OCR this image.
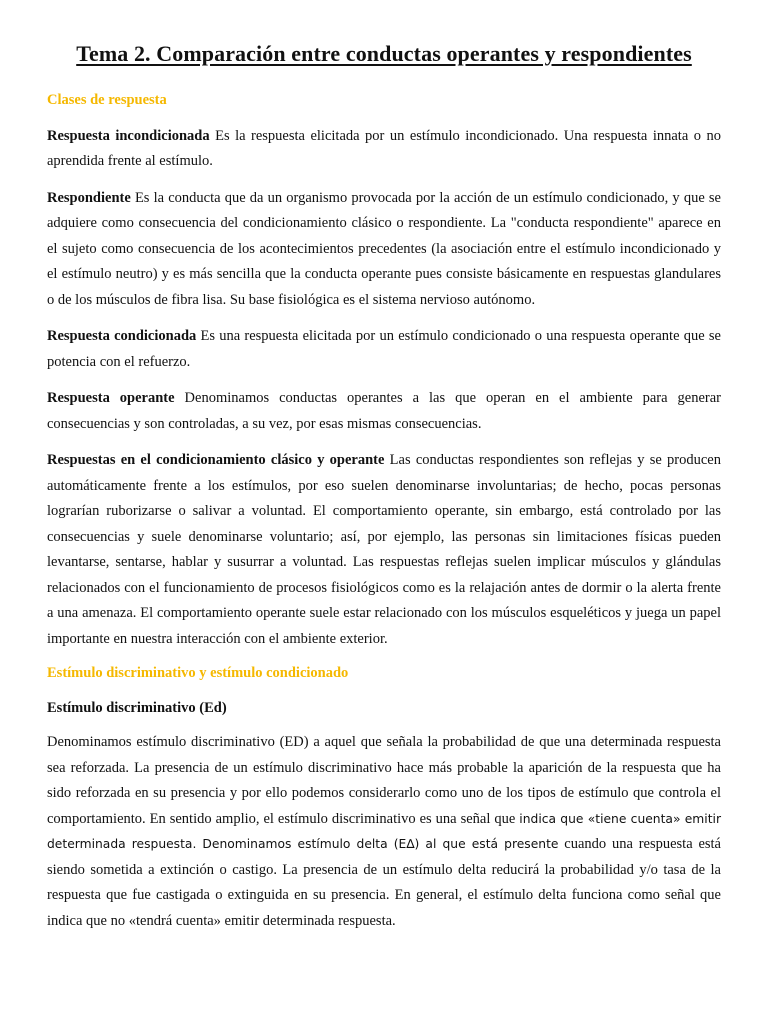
Tema 2. Comparación entre conductas operantes y respondientes
Clases de respuesta

Respuesta incondicionada Es la respuesta elicitada por un estímulo incondicionado. Una respuesta innata o no aprendida frente al estímulo.

Respondiente Es la conducta que da un organismo provocada por la acción de un estímulo condicionado, y que se adquiere como consecuencia del condicionamiento clásico o respondiente. La "conducta respondiente" aparece en el sujeto como consecuencia de los acontecimientos precedentes (la asociación entre el estímulo incondicionado y el estímulo neutro) y es más sencilla que la conducta operante pues consiste básicamente en respuestas glandulares o de los músculos de fibra lisa. Su base fisiológica es el sistema nervioso autónomo.

Respuesta condicionada Es una respuesta elicitada por un estímulo condicionado o una respuesta operante que se potencia con el refuerzo.

Respuesta operante Denominamos conductas operantes a las que operan en el ambiente para generar consecuencias y son controladas, a su vez, por esas mismas consecuencias.

Respuestas en el condicionamiento clásico y operante Las conductas respondientes son reflejas y se producen automáticamente frente a los estímulos, por eso suelen denominarse involuntarias; de hecho, pocas personas lograrían ruborizarse o salivar a voluntad. El comportamiento operante, sin embargo, está controlado por las consecuencias y suele denominarse voluntario; así, por ejemplo, las personas sin limitaciones físicas pueden levantarse, sentarse, hablar y susurrar a voluntad. Las respuestas reflejas suelen implicar músculos y glándulas relacionados con el funcionamiento de procesos fisiológicos como es la relajación antes de dormir o la alerta frente a una amenaza. El comportamiento operante suele estar relacionado con los músculos esqueléticos y juega un papel importante en nuestra interacción con el ambiente exterior.

Estímulo discriminativo y estímulo condicionado
Estímulo discriminativo (Ed)

Denominamos estímulo discriminativo (ED) a aquel que señala la probabilidad de que una determinada respuesta sea reforzada. La presencia de un estímulo discriminativo hace más probable la aparición de la respuesta que ha sido reforzada en su presencia y por ello podemos considerarlo como uno de los tipos de estímulo que controla el comportamiento. En sentido amplio, el estímulo discriminativo es una señal que indica que «tiene cuenta» emitir determinada respuesta. Denominamos estímulo delta (E∆) al que está presente cuando una respuesta está siendo sometida a extinción o castigo. La presencia de un estímulo delta reducirá la probabilidad y/o tasa de la respuesta que fue castigada o extinguida en su presencia. En general, el estímulo delta funciona como señal que indica que no «tendrá cuenta» emitir determinada respuesta.
